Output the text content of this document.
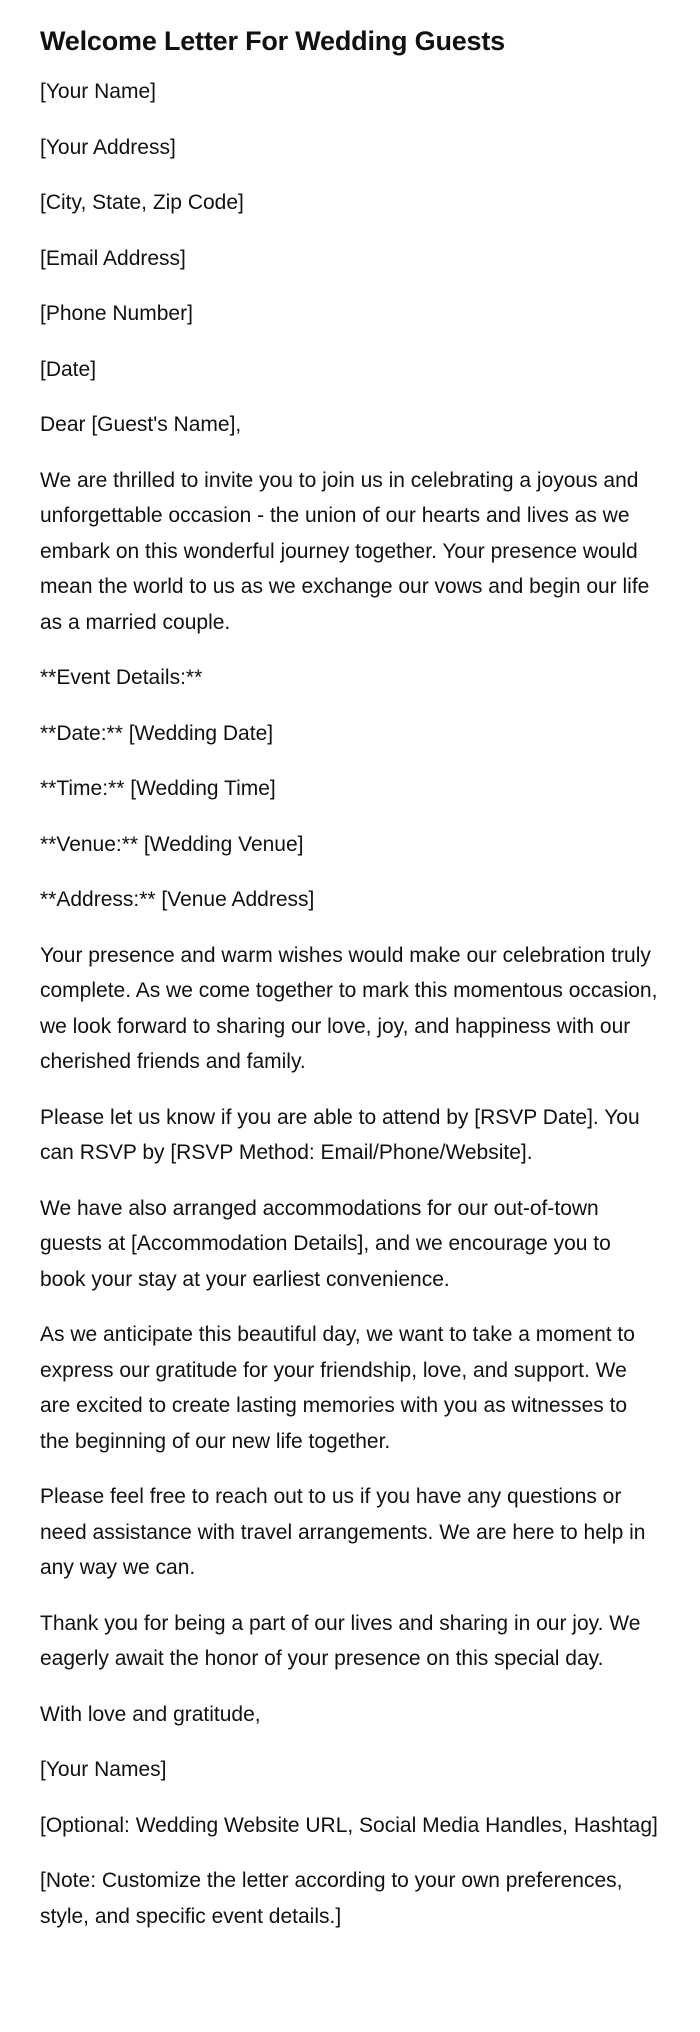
Welcome Letter For Wedding Guests

[Your Name]

[Your Address]

[City, State, Zip Code]

[Email Address]

[Phone Number]

[Date]

Dear [Guest's Name],

We are thrilled to invite you to join us in celebrating a joyous and unforgettable occasion - the union of our hearts and lives as we embark on this wonderful journey together. Your presence would mean the world to us as we exchange our vows and begin our life as a married couple.

**Event Details:**

**Date:** [Wedding Date]

**Time:** [Wedding Time]

**Venue:** [Wedding Venue]

**Address:** [Venue Address]

Your presence and warm wishes would make our celebration truly complete. As we come together to mark this momentous occasion, we look forward to sharing our love, joy, and happiness with our cherished friends and family.

Please let us know if you are able to attend by [RSVP Date]. You can RSVP by [RSVP Method: Email/Phone/Website].

We have also arranged accommodations for our out-of-town guests at [Accommodation Details], and we encourage you to book your stay at your earliest convenience.

As we anticipate this beautiful day, we want to take a moment to express our gratitude for your friendship, love, and support. We are excited to create lasting memories with you as witnesses to the beginning of our new life together.

Please feel free to reach out to us if you have any questions or need assistance with travel arrangements. We are here to help in any way we can.

Thank you for being a part of our lives and sharing in our joy. We eagerly await the honor of your presence on this special day.

With love and gratitude,

[Your Names]

[Optional: Wedding Website URL, Social Media Handles, Hashtag]

[Note: Customize the letter according to your own preferences, style, and specific event details.]
